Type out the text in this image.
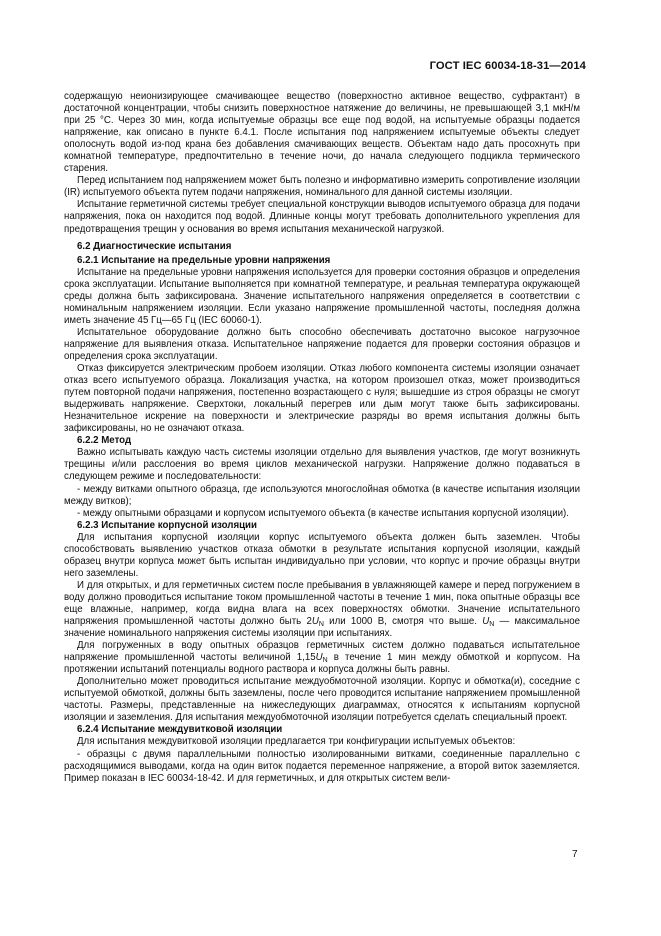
ГОСТ IEC 60034-18-31—2014

содержащую неионизирующее смачивающее вещество (поверхностно активное вещество, суфрактант) в достаточной концентрации, чтобы снизить поверхностное натяжение до величины, не превышающей 3,1 мкН/м при 25 °С. Через 30 мин, когда испытуемые образцы все еще под водой, на испытуемые образцы подается напряжение, как описано в пункте 6.4.1. После испытания под напряжением испытуемые объекты следует ополоснуть водой из-под крана без добавления смачивающих веществ. Объектам надо дать просохнуть при комнатной температуре, предпочтительно в течение ночи, до начала следующего подцикла термического старения.

Перед испытанием под напряжением может быть полезно и информативно измерить сопротивление изоляции (IR) испытуемого объекта путем подачи напряжения, номинального для данной системы изоляции.

Испытание герметичной системы требует специальной конструкции выводов испытуемого образца для подачи напряжения, пока он находится под водой. Длинные концы могут требовать дополнительного укрепления для предотвращения трещин у основания во время испытания механической нагрузкой.

6.2 Диагностические испытания
6.2.1 Испытание на предельные уровни напряжения

Испытание на предельные уровни напряжения используется для проверки состояния образцов и определения срока эксплуатации. Испытание выполняется при комнатной температуре, и реальная температура окружающей среды должна быть зафиксирована. Значение испытательного напряжения определяется в соответствии с номинальным напряжением изоляции. Если указано напряжение промышленной частоты, последняя должна иметь значение 45 Гц—65 Гц (IEC 60060-1).

Испытательное оборудование должно быть способно обеспечивать достаточно высокое нагрузочное напряжение для выявления отказа. Испытательное напряжение подается для проверки состояния образцов и определения срока эксплуатации.

Отказ фиксируется электрическим пробоем изоляции. Отказ любого компонента системы изоляции означает отказ всего испытуемого образца. Локализация участка, на котором произошел отказ, может производиться путем повторной подачи напряжения, постепенно возрастающего с нуля; вышедшие из строя образцы не смогут выдерживать напряжение. Сверхтоки, локальный перегрев или дым могут также быть зафиксированы. Незначительное искрение на поверхности и электрические разряды во время испытания должны быть зафиксированы, но не означают отказа.

6.2.2 Метод

Важно испытывать каждую часть системы изоляции отдельно для выявления участков, где могут возникнуть трещины и/или расслоения во время циклов механической нагрузки. Напряжение должно подаваться в следующем режиме и последовательности:

- между витками опытного образца, где используются многослойная обмотка (в качестве испытания изоляции между витков);

- между опытными образцами и корпусом испытуемого объекта (в качестве испытания корпусной изоляции).

6.2.3 Испытание корпусной изоляции

Для испытания корпусной изоляции корпус испытуемого объекта должен быть заземлен. Чтобы способствовать выявлению участков отказа обмотки в результате испытания корпусной изоляции, каждый образец внутри корпуса может быть испытан индивидуально при условии, что корпус и прочие образцы внутри него заземлены.

И для открытых, и для герметичных систем после пребывания в увлажняющей камере и перед погружением в воду должно проводиться испытание током промышленной частоты в течение 1 мин, пока опытные образцы все еще влажные, например, когда видна влага на всех поверхностях обмотки. Значение испытательного напряжения промышленной частоты должно быть $2U_N$ или 1000 В, смотря что выше. $U_N$ — максимальное значение номинального напряжения системы изоляции при испытаниях.

Для погруженных в воду опытных образцов герметичных систем должно подаваться испытательное напряжение промышленной частоты величиной $1,15U_N$ в течение 1 мин между обмоткой и корпусом. На протяжении испытаний потенциалы водного раствора и корпуса должны быть равны.

Дополнительно может проводиться испытание междуобмоточной изоляции. Корпус и обмотка(и), соседние с испытуемой обмоткой, должны быть заземлены, после чего проводится испытание напряжением промышленной частоты. Размеры, представленные на нижеследующих диаграммах, относятся к испытаниям корпусной изоляции и заземления. Для испытания междуобмоточной изоляции потребуется сделать специальный проект.

6.2.4 Испытание междувитковой изоляции

Для испытания междувитковой изоляции предлагается три конфигурации испытуемых объектов:

- образцы с двумя параллельными полностью изолированными витками, соединенные параллельно с расходящимися выводами, когда на один виток подается переменное напряжение, а второй виток заземляется. Пример показан в IEC 60034-18-42. И для герметичных, и для открытых систем вели-

7
